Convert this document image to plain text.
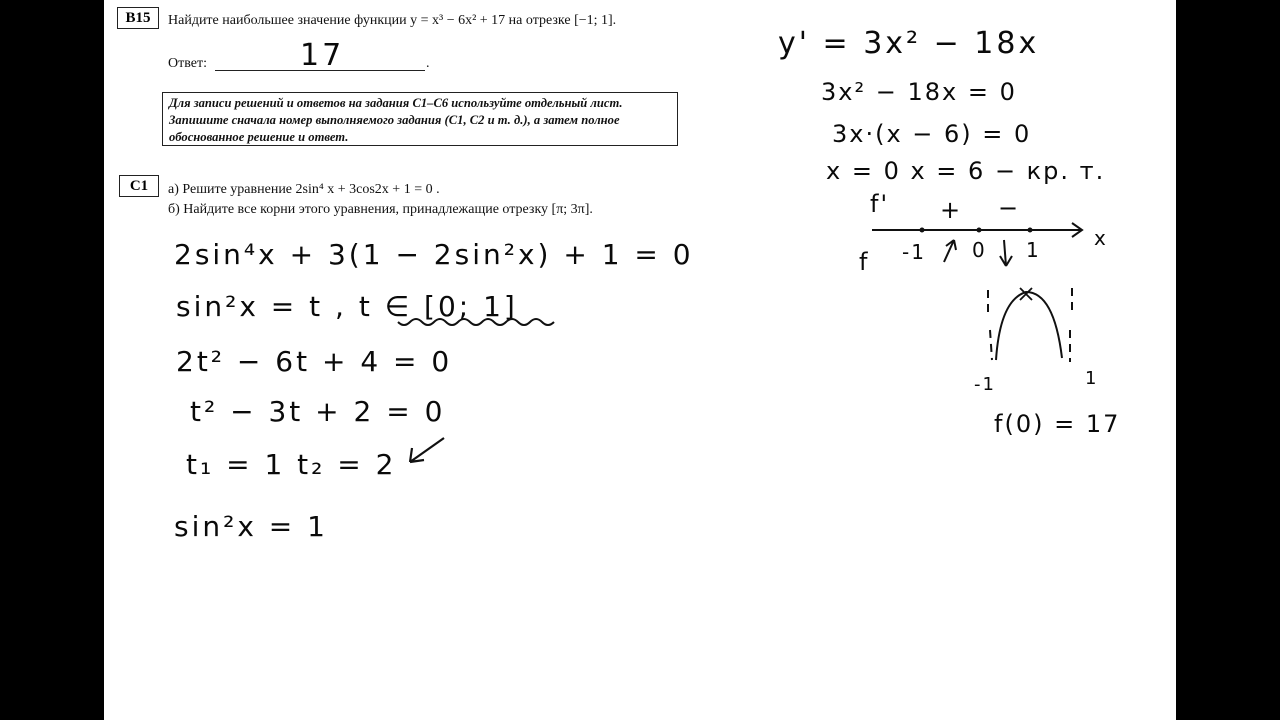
B15	Найдите наибольшее значение функции y = x³ − 6x² + 17 на отрезке [−1; 1].
Ответ:	.
17
Для записи решений и ответов на задания С1–С6 используйте отдельный лист. Запишите сначала номер выполняемого задания (С1, С2 и т. д.), а затем полное обоснованное решение и ответ.
С1	а) Решите уравнение 2sin⁴ x + 3cos2x + 1 = 0 .
б) Найдите все корни этого уравнения, принадлежащие отрезку [π; 3π].
2sin⁴x + 3(1 − 2sin²x) + 1 = 0
sin²x = t , t ∈ [0; 1]
2t² − 6t + 4 = 0
t² − 3t + 2 = 0
t₁ = 1 t₂ = 2
sin²x = 1
y' = 3x² − 18x
3x² − 18x = 0
3x·(x − 6) = 0
x = 0 x = 6 − кр. т.
f' + −
x
f -1 0 1
-1	1
f(0) = 17
